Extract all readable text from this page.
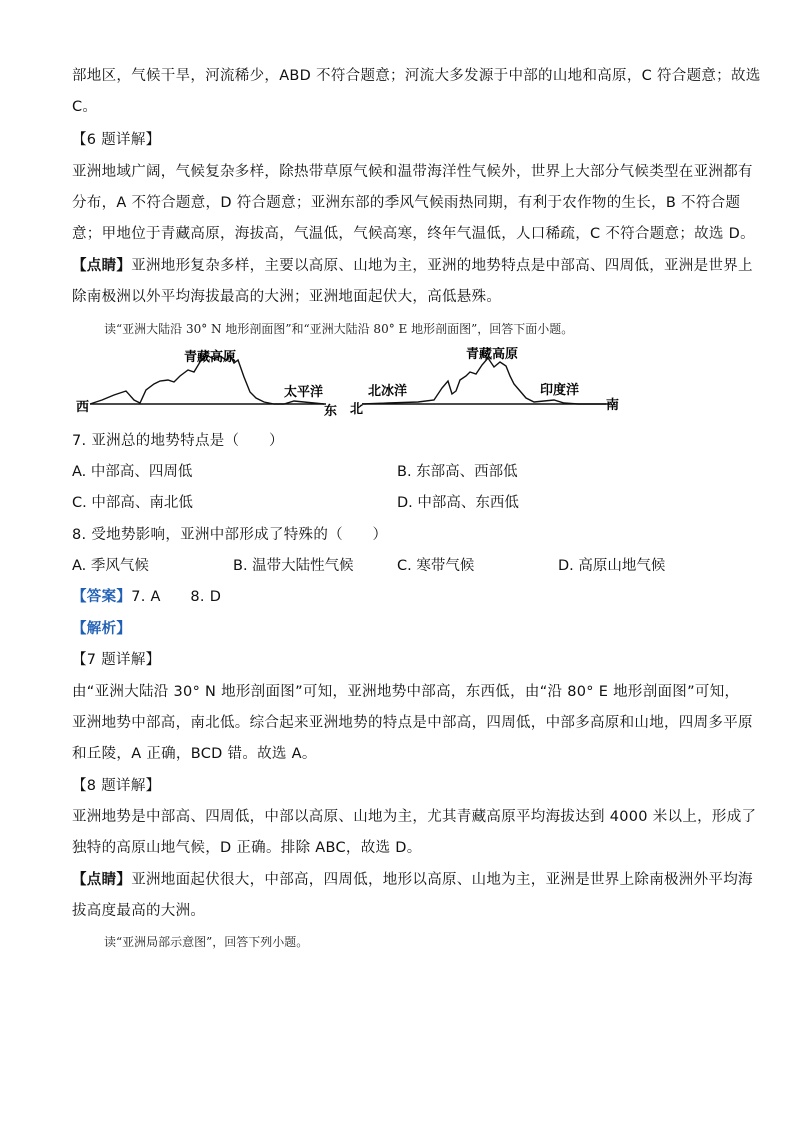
部地区，气候干旱，河流稀少，ABD 不符合题意；河流大多发源于中部的山地和高原，C 符合题意；故选
C。
【6 题详解】
亚洲地域广阔，气候复杂多样，除热带草原气候和温带海洋性气候外，世界上大部分气候类型在亚洲都有
分布，A 不符合题意，D 符合题意；亚洲东部的季风气候雨热同期，有利于农作物的生长，B 不符合题
意；甲地位于青藏高原，海拔高，气温低，气候高寒，终年气温低，人口稀疏，C 不符合题意；故选 D。
【点睛】亚洲地形复杂多样，主要以高原、山地为主，亚洲的地势特点是中部高、四周低，亚洲是世界上
除南极洲以外平均海拔最高的大洲；亚洲地面起伏大，高低悬殊。
读“亚洲大陆沿 30° N 地形剖面图”和“亚洲大陆沿 80° E 地形剖面图”，回答下面小题。
青藏高原
太平洋
西	东
青藏高原
北冰洋	印度洋
北	南
7. 亚洲总的地势特点是（　　）
A. 中部高、四周低	B. 东部高、西部低
C. 中部高、南北低	D. 中部高、东西低
8. 受地势影响，亚洲中部形成了特殊的（　　）
A. 季风气候	B. 温带大陆性气候	C. 寒带气候	D. 高原山地气候
【答案】7. A　　8. D
【解析】
【7 题详解】
由“亚洲大陆沿 30° N 地形剖面图”可知，亚洲地势中部高，东西低，由“沿 80° E 地形剖面图”可知，
亚洲地势中部高，南北低。综合起来亚洲地势的特点是中部高，四周低，中部多高原和山地，四周多平原
和丘陵，A 正确，BCD 错。故选 A。
【8 题详解】
亚洲地势是中部高、四周低，中部以高原、山地为主，尤其青藏高原平均海拔达到 4000 米以上，形成了
独特的高原山地气候，D 正确。排除 ABC，故选 D。
【点睛】亚洲地面起伏很大，中部高，四周低，地形以高原、山地为主，亚洲是世界上除南极洲外平均海
拔高度最高的大洲。
读“亚洲局部示意图”，回答下列小题。
